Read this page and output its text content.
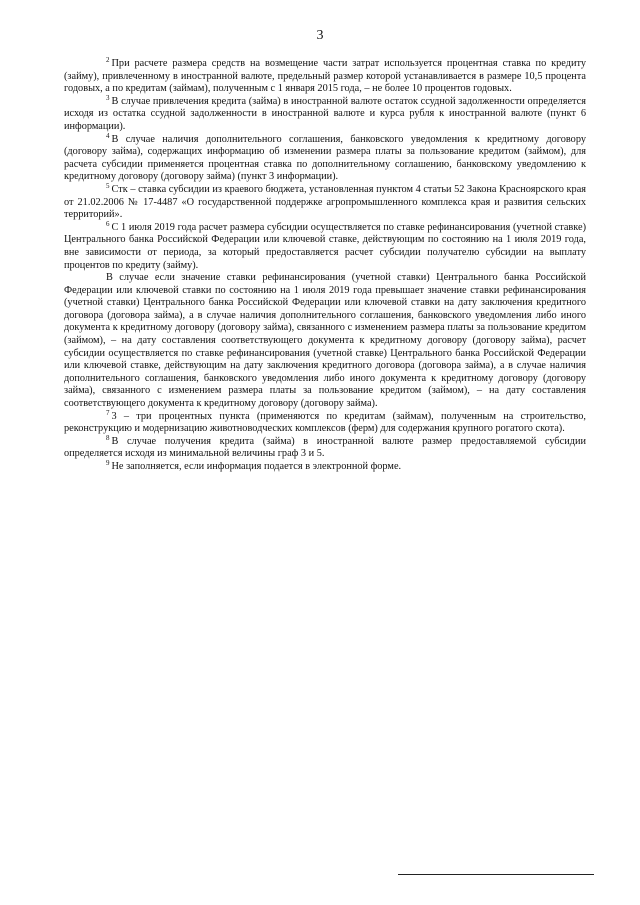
3

$^2$ При расчете размера средств на возмещение части затрат используется процентная ставка по кредиту (займу), привлеченному в иностранной валюте, предельный размер которой устанавливается в размере 10,5 процента годовых, а по кредитам (займам), полученным с 1 января 2015 года, – не более 10 процентов годовых.

$^3$ В случае привлечения кредита (займа) в иностранной валюте остаток ссудной задолженности определяется исходя из остатка ссудной задолженности в иностранной валюте и курса рубля к иностранной валюте (пункт 6 информации).

$^4$ В случае наличия дополнительного соглашения, банковского уведомления к кредитному договору (договору займа), содержащих информацию об изменении размера платы за пользование кредитом (займом), для расчета субсидии применяется процентная ставка по дополнительному соглашению, банковскому уведомлению к кредитному договору (договору займа) (пункт 3 информации).

$^5$ Стк – ставка субсидии из краевого бюджета, установленная пунктом 4 статьи 52 Закона Красноярского края от 21.02.2006 № 17-4487 «О государственной поддержке агропромышленного комплекса края и развития сельских территорий».

$^6$ С 1 июля 2019 года расчет размера субсидии осуществляется по ставке рефинансирования (учетной ставке) Центрального банка Российской Федерации или ключевой ставке, действующим по состоянию на 1 июля 2019 года, вне зависимости от периода, за который предоставляется расчет субсидии получателю субсидии на выплату процентов по кредиту (займу).

В случае если значение ставки рефинансирования (учетной ставки) Центрального банка Российской Федерации или ключевой ставки по состоянию на 1 июля 2019 года превышает значение ставки рефинансирования (учетной ставки) Центрального банка Российской Федерации или ключевой ставки на дату заключения кредитного договора (договора займа), а в случае наличия дополнительного соглашения, банковского уведомления либо иного документа к кредитному договору (договору займа), связанного с изменением размера платы за пользование кредитом (займом), – на дату составления соответствующего документа к кредитному договору (договору займа), расчет субсидии осуществляется по ставке рефинансирования (учетной ставке) Центрального банка Российской Федерации или ключевой ставке, действующим на дату заключения кредитного договора (договора займа), а в случае наличия дополнительного соглашения, банковского уведомления либо иного документа к кредитному договору (договору займа), связанного с изменением размера платы за пользование кредитом (займом), – на дату составления соответствующего документа к кредитному договору (договору займа).

$^7$ 3 – три процентных пункта (применяются по кредитам (займам), полученным на строительство, реконструкцию и модернизацию животноводческих комплексов (ферм) для содержания крупного рогатого скота).

$^8$ В случае получения кредита (займа) в иностранной валюте размер предоставляемой субсидии определяется исходя из минимальной величины граф 3 и 5.

$^9$ Не заполняется, если информация подается в электронной форме.
